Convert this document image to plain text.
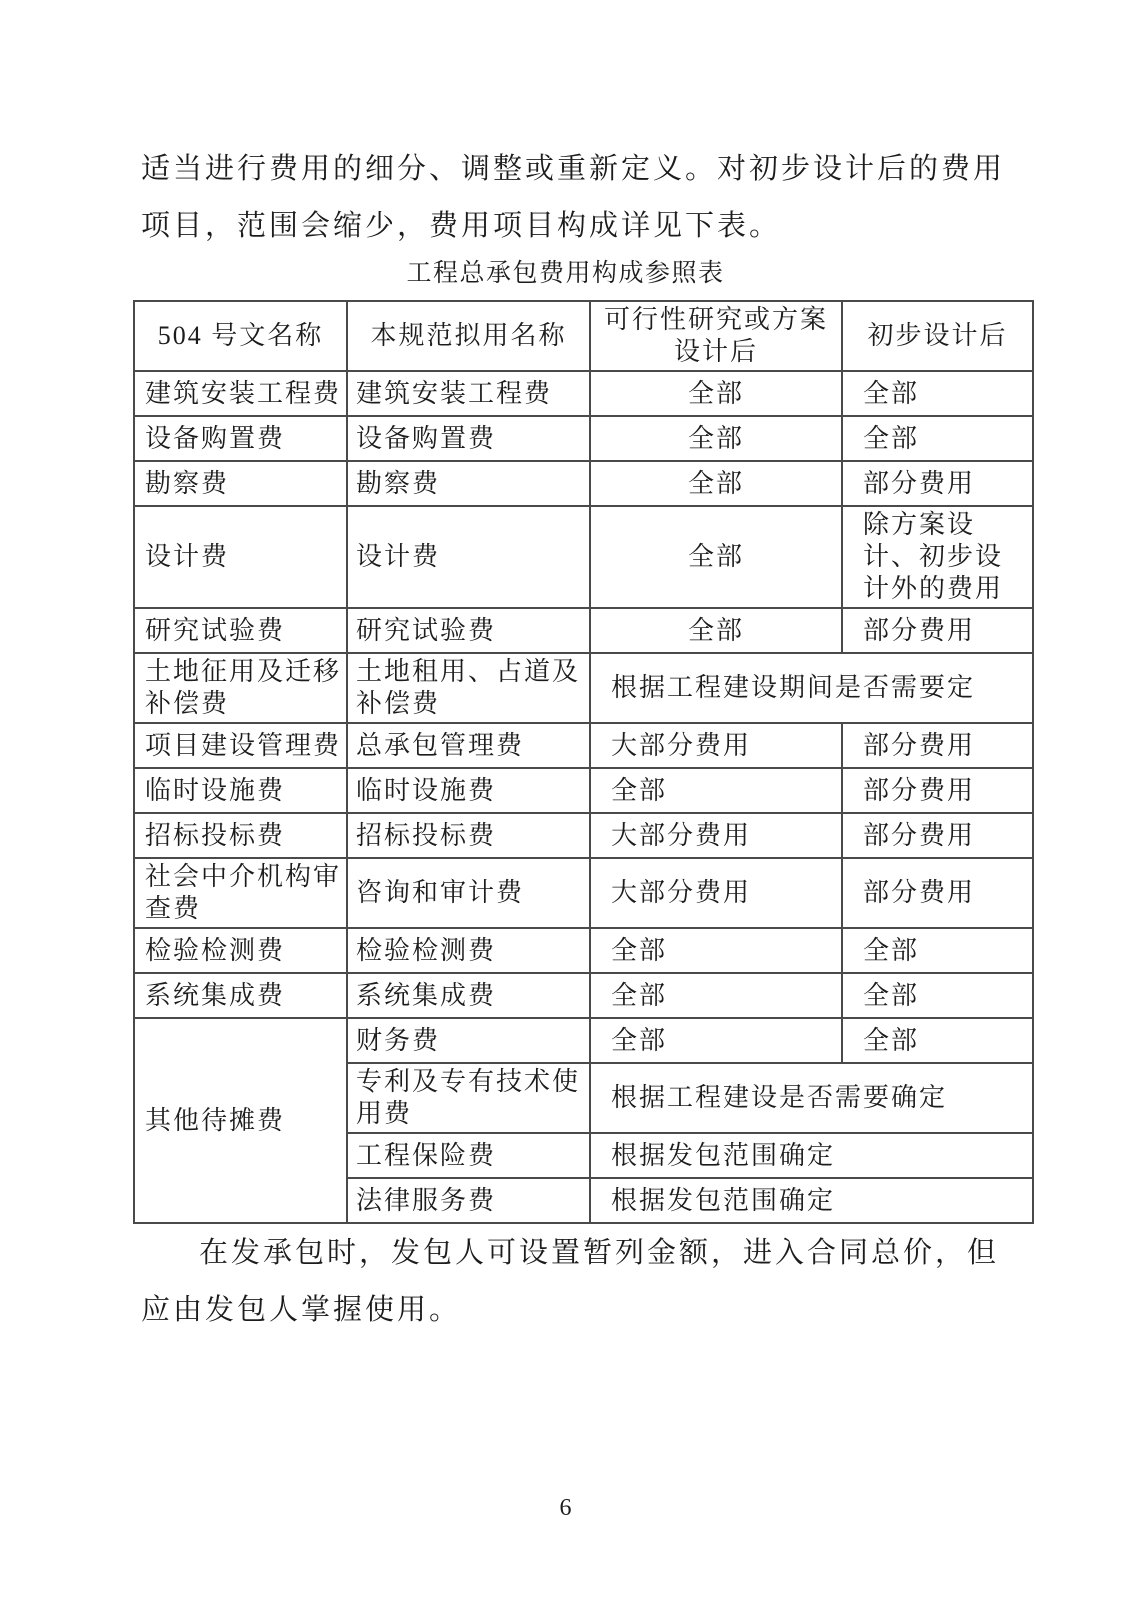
适当进行费用的细分、调整或重新定义。对初步设计后的费用
项目，范围会缩少，费用项目构成详见下表。
工程总承包费用构成参照表
504 号文名称	本规范拟用名称	可行性研究或方案设计后	初步设计后
建筑安装工程费	建筑安装工程费	全部	全部
设备购置费	设备购置费	全部	全部
勘察费	勘察费	全部	部分费用
设计费	设计费	全部	除方案设计、初步设计外的费用
研究试验费	研究试验费	全部	部分费用
土地征用及迁移补偿费	土地租用、占道及补偿费	根据工程建设期间是否需要定	
项目建设管理费	总承包管理费	大部分费用	部分费用
临时设施费	临时设施费	全部	部分费用
招标投标费	招标投标费	大部分费用	部分费用
社会中介机构审查费	咨询和审计费	大部分费用	部分费用
检验检测费	检验检测费	全部	全部
系统集成费	系统集成费	全部	全部
其他待摊费	财务费	全部	全部
	专利及专有技术使用费	根据工程建设是否需要确定	
	工程保险费	根据发包范围确定	
	法律服务费	根据发包范围确定	
在发承包时，发包人可设置暂列金额，进入合同总价，但
应由发包人掌握使用。
6
